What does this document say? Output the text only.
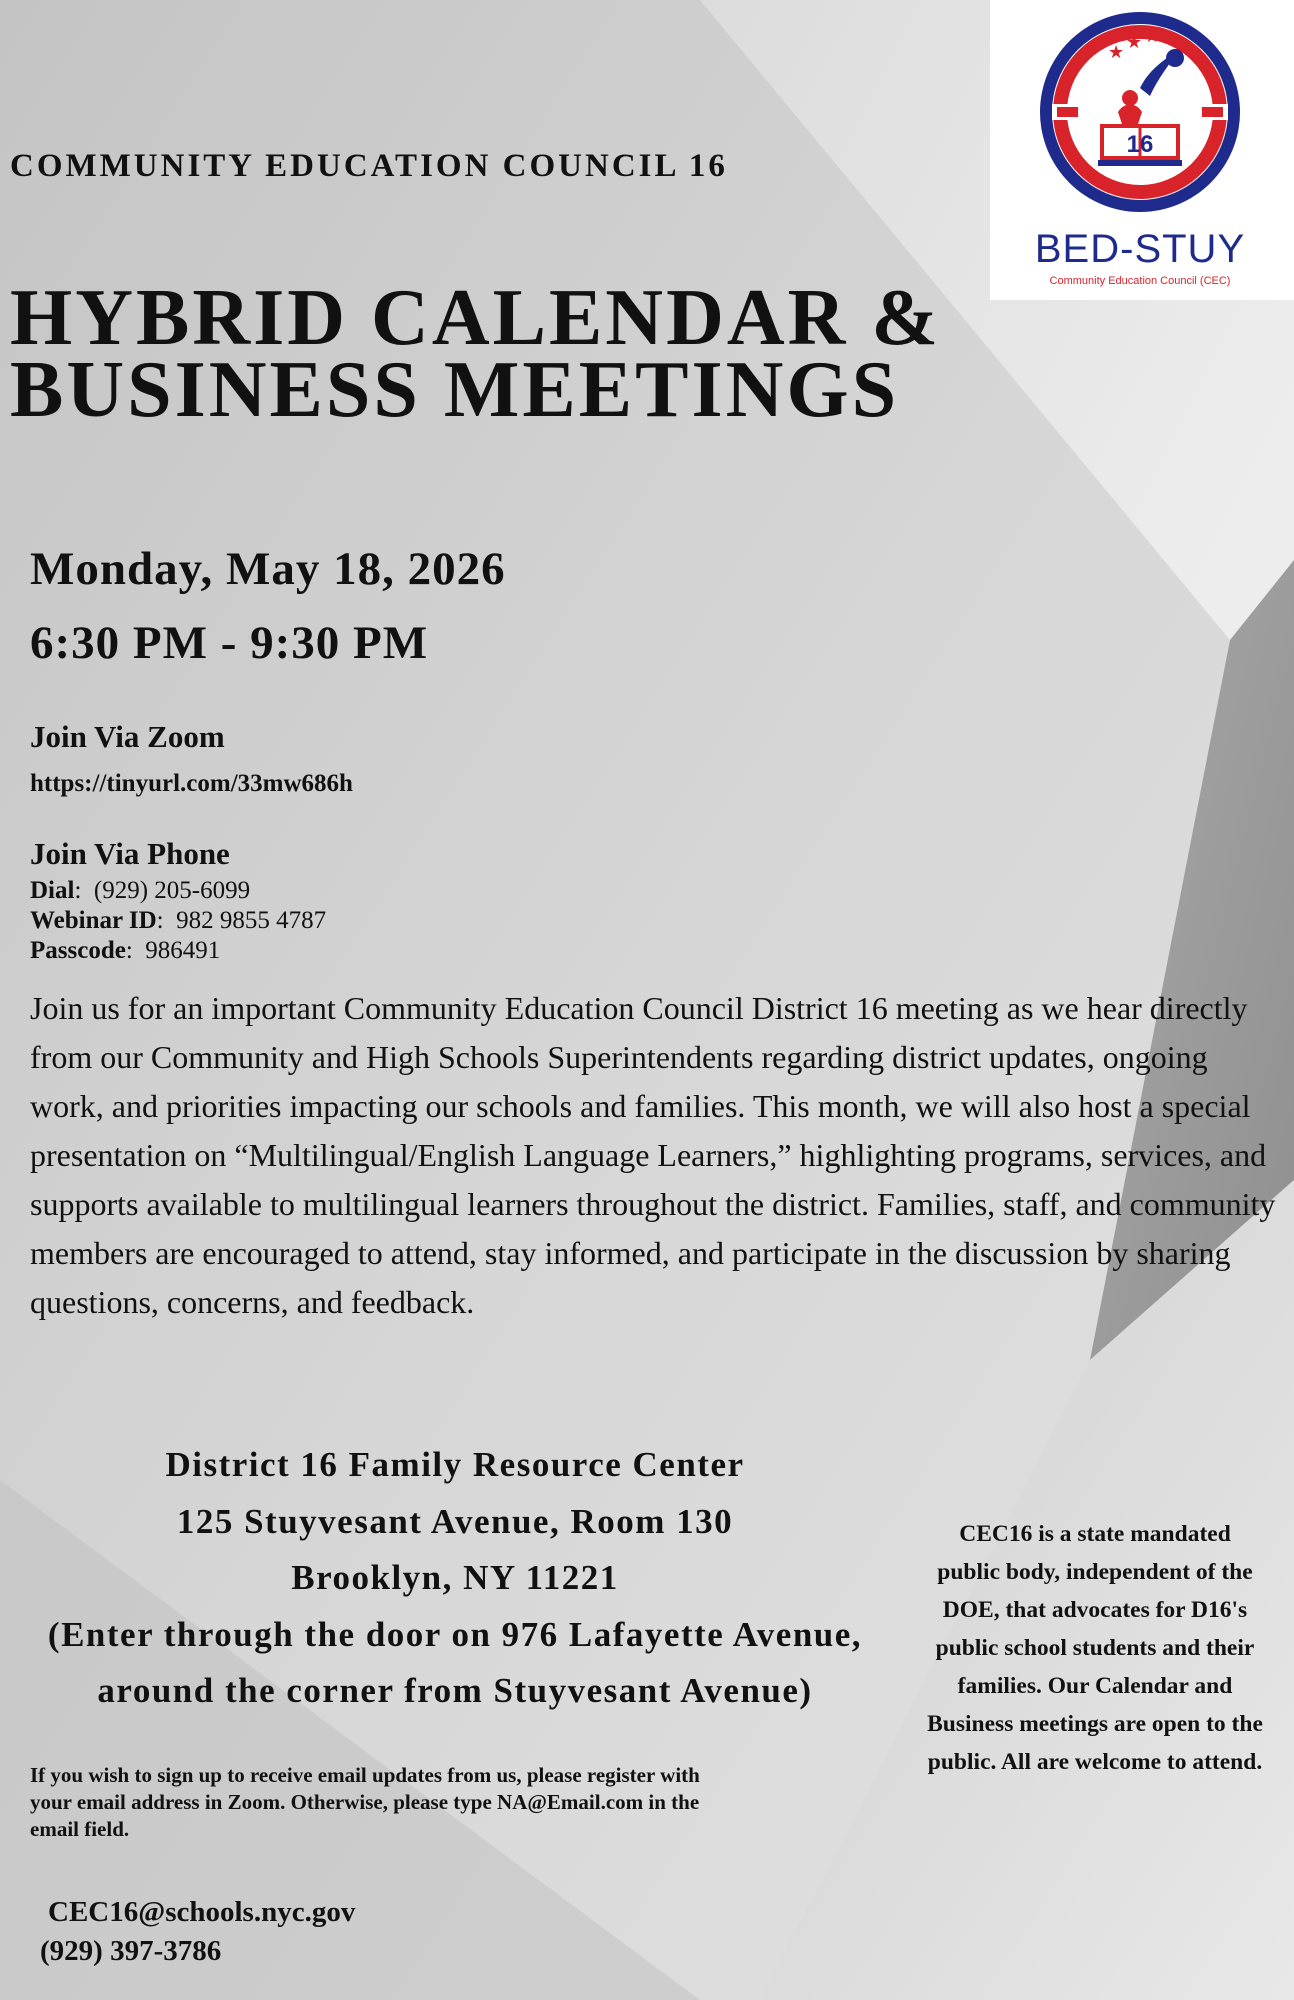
COMMUNITY EDUCATION COUNCIL 16
HYBRID CALENDAR &
BUSINESS MEETINGS
Monday, May 18, 2026
6:30 PM - 9:30 PM
Join Via Zoom
https://tinyurl.com/33mw686h
Join Via Phone
Dial:  (929) 205-6099
Webinar ID:  982 9855 4787
Passcode:  986491
Join us for an important Community Education Council District 16 meeting as we hear directly from our Community and High Schools Superintendents regarding district updates, ongoing work, and priorities impacting our schools and families. This month, we will also host a special presentation on “Multilingual/English Language Learners,” highlighting programs, services, and supports available to multilingual learners throughout the district. Families, staff, and community members are encouraged to attend, stay informed, and participate in the discussion by sharing questions, concerns, and feedback.
District 16 Family Resource Center
125 Stuyvesant Avenue, Room 130
Brooklyn, NY 11221
(Enter through the door on 976 Lafayette Avenue,
around the corner from Stuyvesant Avenue)
CEC16 is a state mandated public body, independent of the DOE, that advocates for D16's public school students and their families. Our Calendar and Business meetings are open to the public. All are welcome to attend.
If you wish to sign up to receive email updates from us, please register with your email address in Zoom. Otherwise, please type NA@Email.com in the email field.
CEC16@schools.nyc.gov
(929) 397-3786
★ ★ ★
16
BED-STUY
Community Education Council (CEC)
